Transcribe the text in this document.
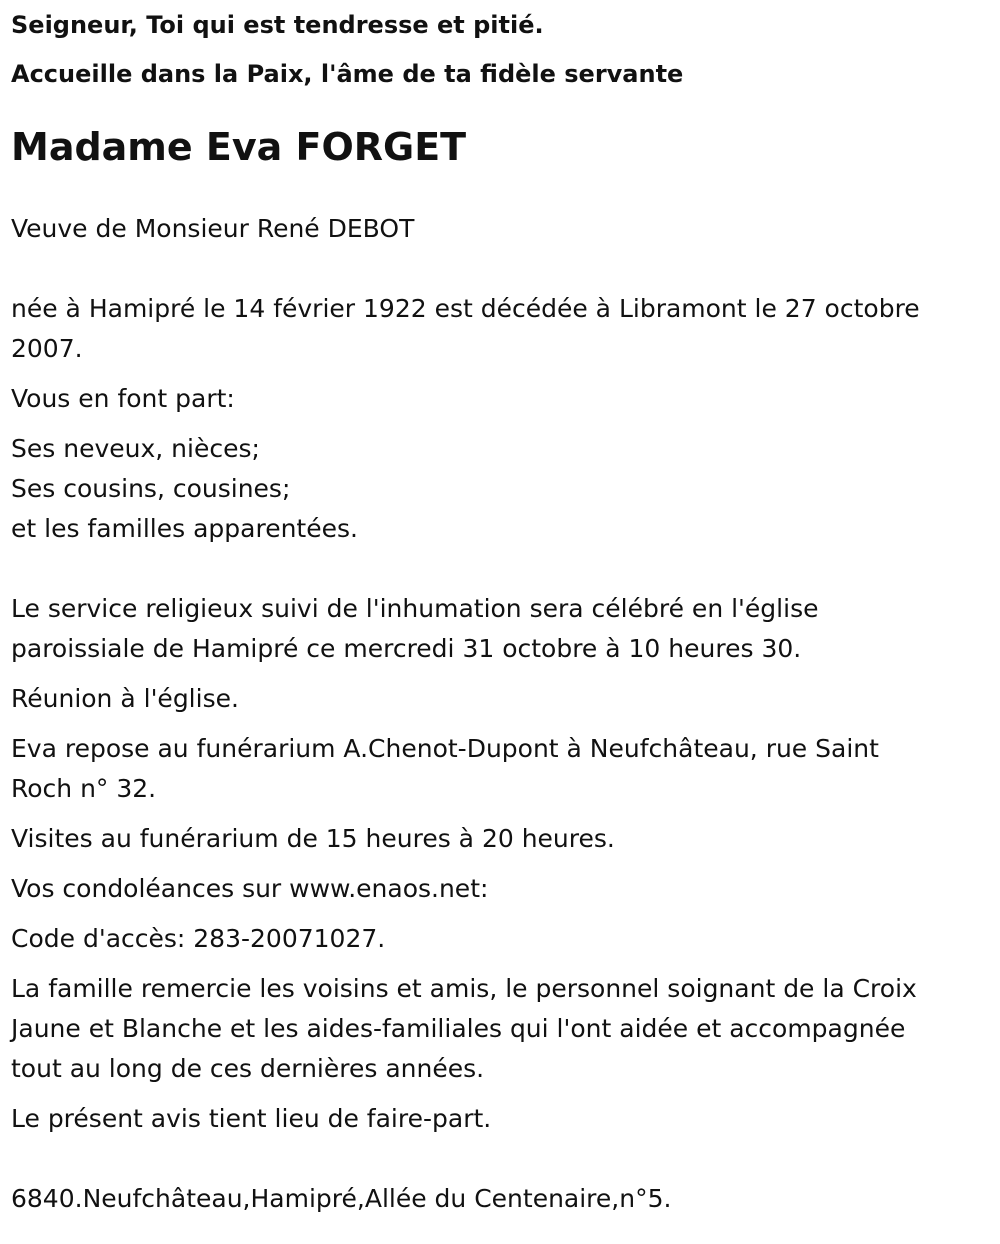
Seigneur, Toi qui est tendresse et pitié.

Accueille dans la Paix, l'âme de ta fidèle servante

Madame Eva FORGET

Veuve de Monsieur René DEBOT

née à Hamipré le 14 février 1922 est décédée à Libramont le 27 octobre
2007.

Vous en font part:

Ses neveux, nièces;
Ses cousins, cousines;
et les familles apparentées.

Le service religieux suivi de l'inhumation sera célébré en l'église
paroissiale de Hamipré ce mercredi 31 octobre à 10 heures 30.

Réunion à l'église.

Eva repose au funérarium A.Chenot-Dupont à Neufchâteau, rue Saint
Roch n° 32.

Visites au funérarium de 15 heures à 20 heures.

Vos condoléances sur www.enaos.net:

Code d'accès: 283-20071027.

La famille remercie les voisins et amis, le personnel soignant de la Croix
Jaune et Blanche et les aides-familiales qui l'ont aidée et accompagnée
tout au long de ces dernières années.

Le présent avis tient lieu de faire-part.

6840.Neufchâteau,Hamipré,Allée du Centenaire,n°5.
